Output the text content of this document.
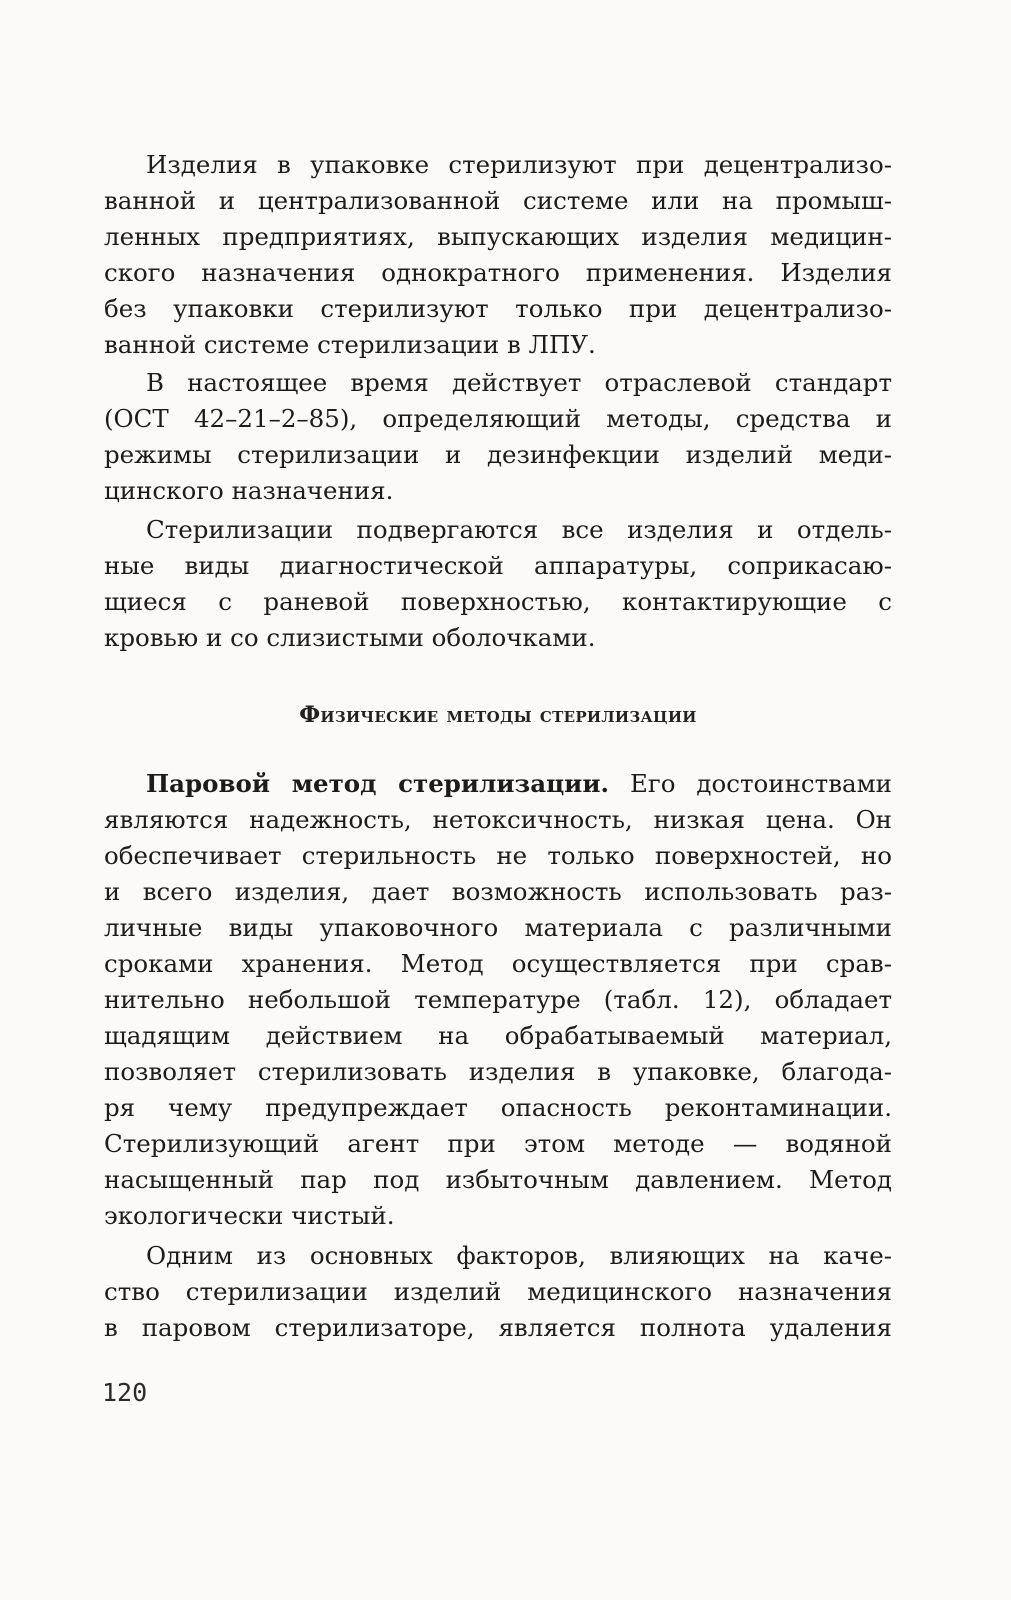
Изделия в упаковке стерилизуют при децентрализо-
ванной и централизованной системе или на промыш-
ленных предприятиях, выпускающих изделия медицин-
ского назначения однократного применения. Изделия
без упаковки стерилизуют только при децентрализо-
ванной системе стерилизации в ЛПУ.
В настоящее время действует отраслевой стандарт
(ОСТ 42–21–2–85), определяющий методы, средства и
режимы стерилизации и дезинфекции изделий меди-
цинского назначения.
Стерилизации подвергаются все изделия и отдель-
ные виды диагностической аппаратуры, соприкасаю-
щиеся с раневой поверхностью, контактирующие с
кровью и со слизистыми оболочками.
Физические методы стерилизации
Паровой метод стерилизации. Его достоинствами
являются надежность, нетоксичность, низкая цена. Он
обеспечивает стерильность не только поверхностей, но
и всего изделия, дает возможность использовать раз-
личные виды упаковочного материала с различными
сроками хранения. Метод осуществляется при срав-
нительно небольшой температуре (табл. 12), обладает
щадящим действием на обрабатываемый материал,
позволяет стерилизовать изделия в упаковке, благода-
ря чему предупреждает опасность реконтаминации.
Стерилизующий агент при этом методе — водяной
насыщенный пар под избыточным давлением. Метод
экологически чистый.
Одним из основных факторов, влияющих на каче-
ство стерилизации изделий медицинского назначения
в паровом стерилизаторе, является полнота удаления
120
